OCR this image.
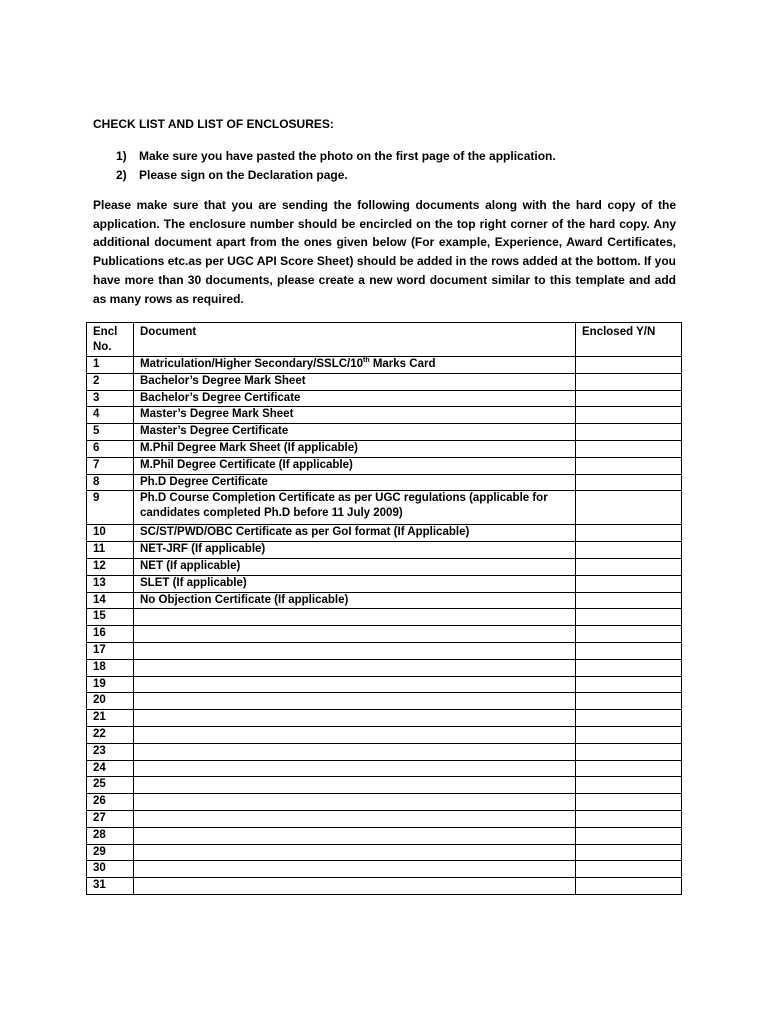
CHECK LIST AND LIST OF ENCLOSURES:
1) Make sure you have pasted the photo on the first page of the application.
2) Please sign on the Declaration page.

Please make sure that you are sending the following documents along with the hard copy of the application. The enclosure number should be encircled on the top right corner of the hard copy. Any additional document apart from the ones given below (For example, Experience, Award Certificates, Publications etc.as per UGC API Score Sheet) should be added in the rows added at the bottom. If you have more than 30 documents, please create a new word document similar to this template and add as many rows as required.

Encl No.	Document	Enclosed Y/N
1	Matriculation/Higher Secondary/SSLC/10th Marks Card	
2	Bachelor’s Degree Mark Sheet	
3	Bachelor’s Degree Certificate	
4	Master’s Degree Mark Sheet	
5	Master’s Degree Certificate	
6	M.Phil Degree Mark Sheet (If applicable)	
7	M.Phil Degree Certificate (If applicable)	
8	Ph.D Degree Certificate	
9	Ph.D Course Completion Certificate as per UGC regulations (applicable for candidates completed Ph.D before 11 July 2009)	
10	SC/ST/PWD/OBC Certificate as per GoI format (If Applicable)	
11	NET-JRF (If applicable)	
12	NET (If applicable)	
13	SLET (If applicable)	
14	No Objection Certificate (If applicable)	
15		
16		
17		
18		
19		
20		
21		
22		
23		
24		
25		
26		
27		
28		
29		
30		
31		
